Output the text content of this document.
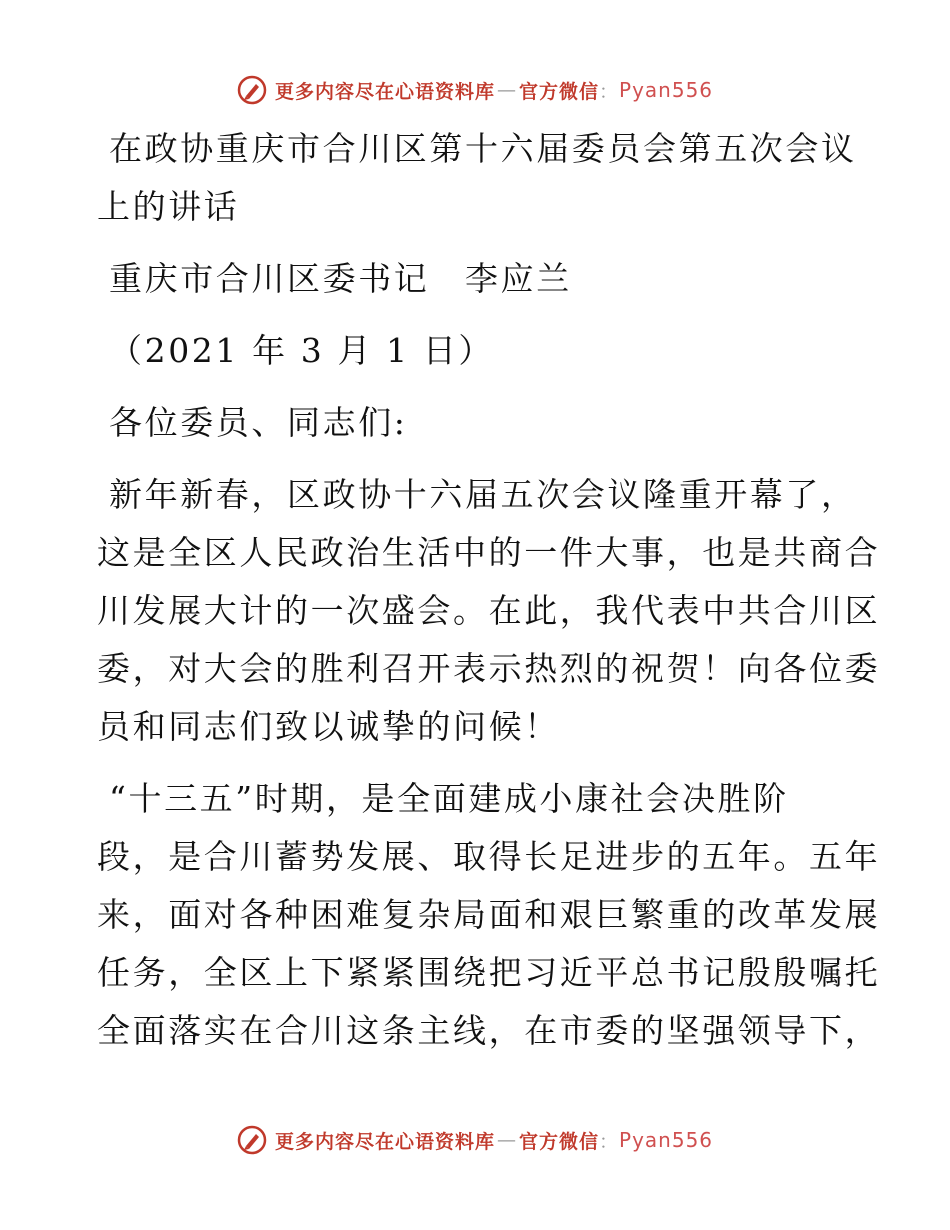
更多内容尽在心语资料库 — 官方微信 ： Pyan556
在政协重庆市合川区第十六届委员会第五次会议
上的讲话
重庆市合川区委书记　李应兰
（2021 年 3 月 1 日）
各位委员、同志们:
新年新春，区政协十六届五次会议隆重开幕了，
这是全区人民政治生活中的一件大事，也是共商合
川发展大计的一次盛会。在此，我代表中共合川区
委，对大会的胜利召开表示热烈的祝贺！向各位委
员和同志们致以诚挚的问候！
“十三五”时期，是全面建成小康社会决胜阶
段，是合川蓄势发展、取得长足进步的五年。五年
来，面对各种困难复杂局面和艰巨繁重的改革发展
任务，全区上下紧紧围绕把习近平总书记殷殷嘱托
全面落实在合川这条主线，在市委的坚强领导下，
更多内容尽在心语资料库 — 官方微信 ： Pyan556
